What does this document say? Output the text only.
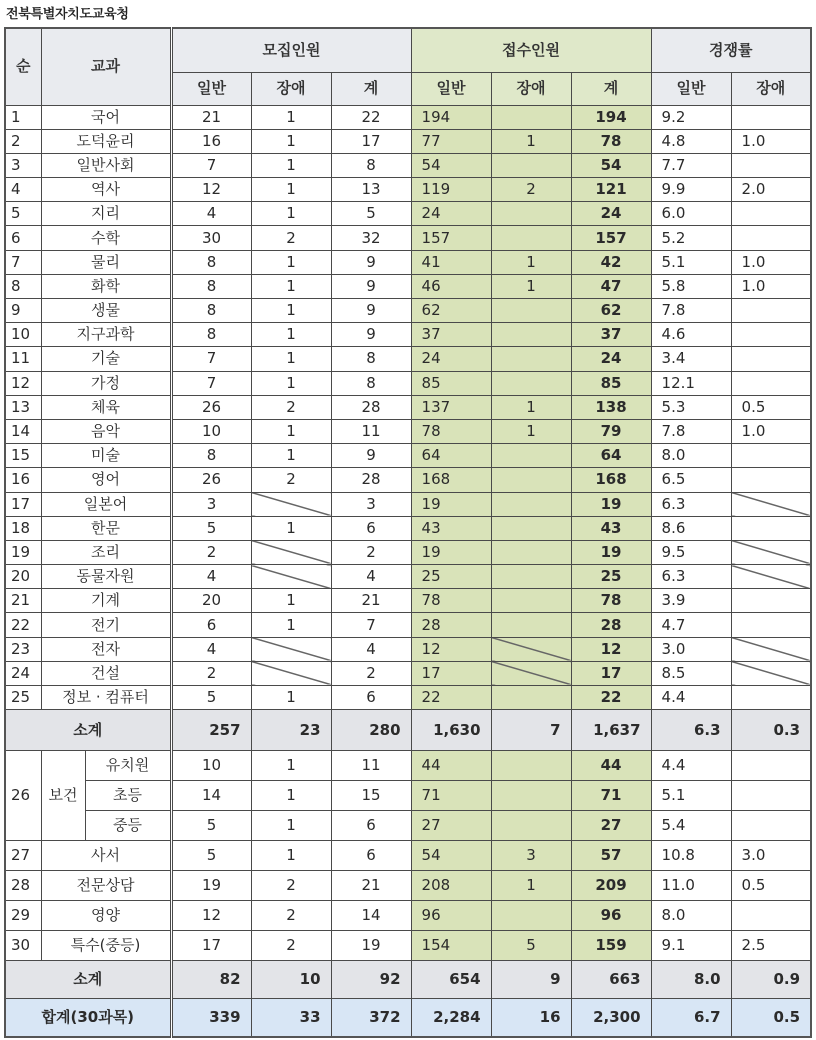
전북특별자치도교육청
순	교과		모집인원			접수인원			경쟁률	
			일반	장애	계	일반	장애	계	일반	장애
1	국어		21	1	22	194		194	9.2	
2	도덕윤리		16	1	17	77	1	78	4.8	1.0
3	일반사회		7	1	8	54		54	7.7	
4	역사		12	1	13	119	2	121	9.9	2.0
5	지리		4	1	5	24		24	6.0	
6	수학		30	2	32	157		157	5.2	
7	물리		8	1	9	41	1	42	5.1	1.0
8	화학		8	1	9	46	1	47	5.8	1.0
9	생물		8	1	9	62		62	7.8	
10	지구과학		8	1	9	37		37	4.6	
11	기술		7	1	8	24		24	3.4	
12	가정		7	1	8	85		85	12.1	
13	체육		26	2	28	137	1	138	5.3	0.5
14	음악		10	1	11	78	1	79	7.8	1.0
15	미술		8	1	9	64		64	8.0	
16	영어		26	2	28	168		168	6.5	
17	일본어		3		3	19		19	6.3	
18	한문		5	1	6	43		43	8.6	
19	조리		2		2	19		19	9.5	
20	동물자원		4		4	25		25	6.3	
21	기계		20	1	21	78		78	3.9	
22	전기		6	1	7	28		28	4.7	
23	전자		4		4	12		12	3.0	
24	건설		2		2	17		17	8.5	
25	정보 · 컴퓨터		5	1	6	22		22	4.4	
소계			257	23	280	1,630	7	1,637	6.3	0.3
26	보건	유치원	10	1	11	44		44	4.4	
		초등	14	1	15	71		71	5.1	
		중등	5	1	6	27		27	5.4	
27	사서		5	1	6	54	3	57	10.8	3.0
28	전문상담		19	2	21	208	1	209	11.0	0.5
29	영양		12	2	14	96		96	8.0	
30	특수(중등)		17	2	19	154	5	159	9.1	2.5
소계			82	10	92	654	9	663	8.0	0.9
합계(30과목)			339	33	372	2,284	16	2,300	6.7	0.5
